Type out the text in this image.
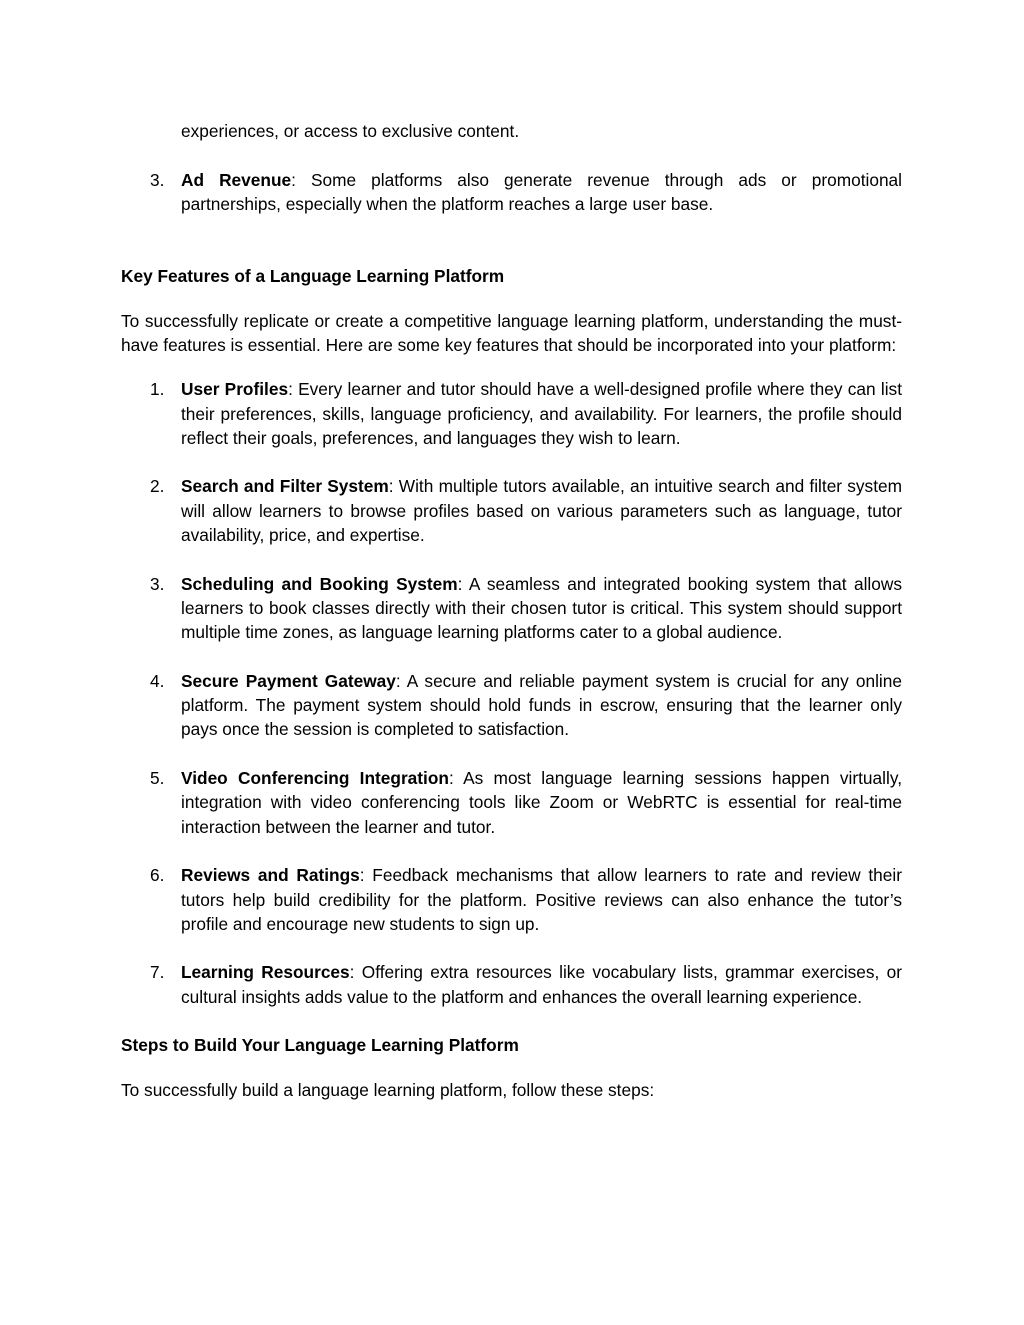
experiences, or access to exclusive content.

3. Ad Revenue: Some platforms also generate revenue through ads or promotional partnerships, especially when the platform reaches a large user base.

Key Features of a Language Learning Platform

To successfully replicate or create a competitive language learning platform, understanding the must-have features is essential. Here are some key features that should be incorporated into your platform:

1. User Profiles: Every learner and tutor should have a well-designed profile where they can list their preferences, skills, language proficiency, and availability. For learners, the profile should reflect their goals, preferences, and languages they wish to learn.

2. Search and Filter System: With multiple tutors available, an intuitive search and filter system will allow learners to browse profiles based on various parameters such as language, tutor availability, price, and expertise.

3. Scheduling and Booking System: A seamless and integrated booking system that allows learners to book classes directly with their chosen tutor is critical. This system should support multiple time zones, as language learning platforms cater to a global audience.

4. Secure Payment Gateway: A secure and reliable payment system is crucial for any online platform. The payment system should hold funds in escrow, ensuring that the learner only pays once the session is completed to satisfaction.

5. Video Conferencing Integration: As most language learning sessions happen virtually, integration with video conferencing tools like Zoom or WebRTC is essential for real-time interaction between the learner and tutor.

6. Reviews and Ratings: Feedback mechanisms that allow learners to rate and review their tutors help build credibility for the platform. Positive reviews can also enhance the tutor’s profile and encourage new students to sign up.

7. Learning Resources: Offering extra resources like vocabulary lists, grammar exercises, or cultural insights adds value to the platform and enhances the overall learning experience.

Steps to Build Your Language Learning Platform

To successfully build a language learning platform, follow these steps:
